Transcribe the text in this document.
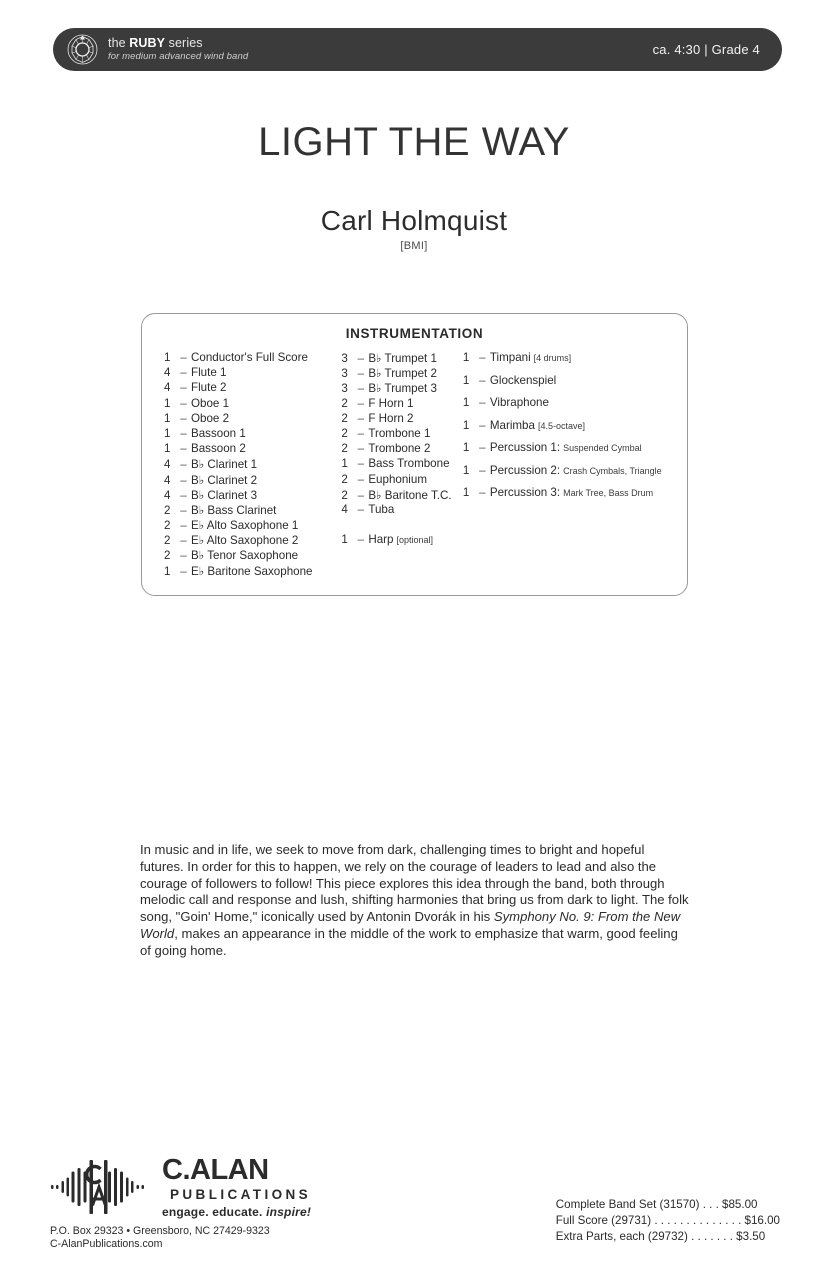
the RUBY series
for medium advanced wind band	ca. 4:30 | Grade 4
LIGHT THE WAY
Carl Holmquist
[BMI]
INSTRUMENTATION
1 – Conductor's Full Score
4 – Flute 1
4 – Flute 2
1 – Oboe 1
1 – Oboe 2
1 – Bassoon 1
1 – Bassoon 2
4 – B♭ Clarinet 1
4 – B♭ Clarinet 2
4 – B♭ Clarinet 3
2 – B♭ Bass Clarinet
2 – E♭ Alto Saxophone 1
2 – E♭ Alto Saxophone 2
2 – B♭ Tenor Saxophone
1 – E♭ Baritone Saxophone
3 – B♭ Trumpet 1
3 – B♭ Trumpet 2
3 – B♭ Trumpet 3
2 – F Horn 1
2 – F Horn 2
2 – Trombone 1
2 – Trombone 2
1 – Bass Trombone
2 – Euphonium
2 – B♭ Baritone T.C.
4 – Tuba
1 – Harp [optional]
1 – Timpani [4 drums]
1 – Glockenspiel
1 – Vibraphone
1 – Marimba [4.5-octave]
1 – Percussion 1: Suspended Cymbal
1 – Percussion 2: Crash Cymbals, Triangle
1 – Percussion 3: Mark Tree, Bass Drum
In music and in life, we seek to move from dark, challenging times to bright and hopeful futures. In order for this to happen, we rely on the courage of leaders to lead and also the courage of followers to follow! This piece explores this idea through the band, both through melodic call and response and lush, shifting harmonies that bring us from dark to light. The folk song, "Goin' Home," iconically used by Antonin Dvorák in his Symphony No. 9: From the New World, makes an appearance in the middle of the work to emphasize that warm, good feeling of going home.
C.ALAN
PUBLICATIONS
engage. educate. inspire!
P.O. Box 29323 • Greensboro, NC 27429-9323
C-AlanPublications.com
Complete Band Set (31570) . . . $85.00
Full Score (29731) . . . . . . . . . . . . . . $16.00
Extra Parts, each (29732) . . . . . . . $3.50
